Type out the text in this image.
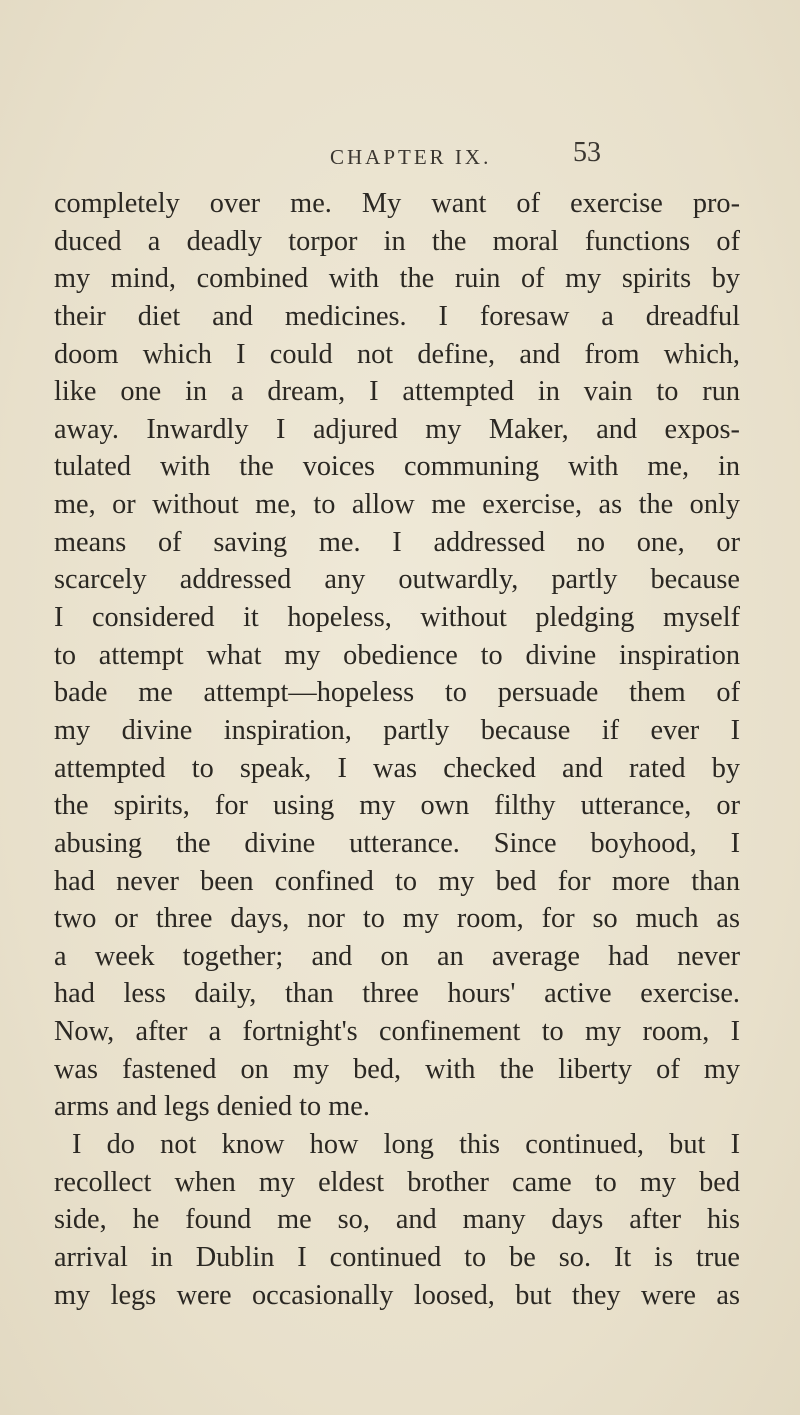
CHAPTER IX.	53
completely over me. My want of exercise pro-
duced a deadly torpor in the moral functions of
my mind, combined with the ruin of my spirits by
their diet and medicines. I foresaw a dreadful
doom which I could not define, and from which,
like one in a dream, I attempted in vain to run
away. Inwardly I adjured my Maker, and expos-
tulated with the voices communing with me, in
me, or without me, to allow me exercise, as the only
means of saving me. I addressed no one, or
scarcely addressed any outwardly, partly because
I considered it hopeless, without pledging myself
to attempt what my obedience to divine inspiration
bade me attempt—hopeless to persuade them of
my divine inspiration, partly because if ever I
attempted to speak, I was checked and rated by
the spirits, for using my own filthy utterance, or
abusing the divine utterance. Since boyhood, I
had never been confined to my bed for more than
two or three days, nor to my room, for so much as
a week together; and on an average had never
had less daily, than three hours' active exercise.
Now, after a fortnight's confinement to my room, I
was fastened on my bed, with the liberty of my
arms and legs denied to me.
I do not know how long this continued, but I
recollect when my eldest brother came to my bed
side, he found me so, and many days after his
arrival in Dublin I continued to be so. It is true
my legs were occasionally loosed, but they were as
